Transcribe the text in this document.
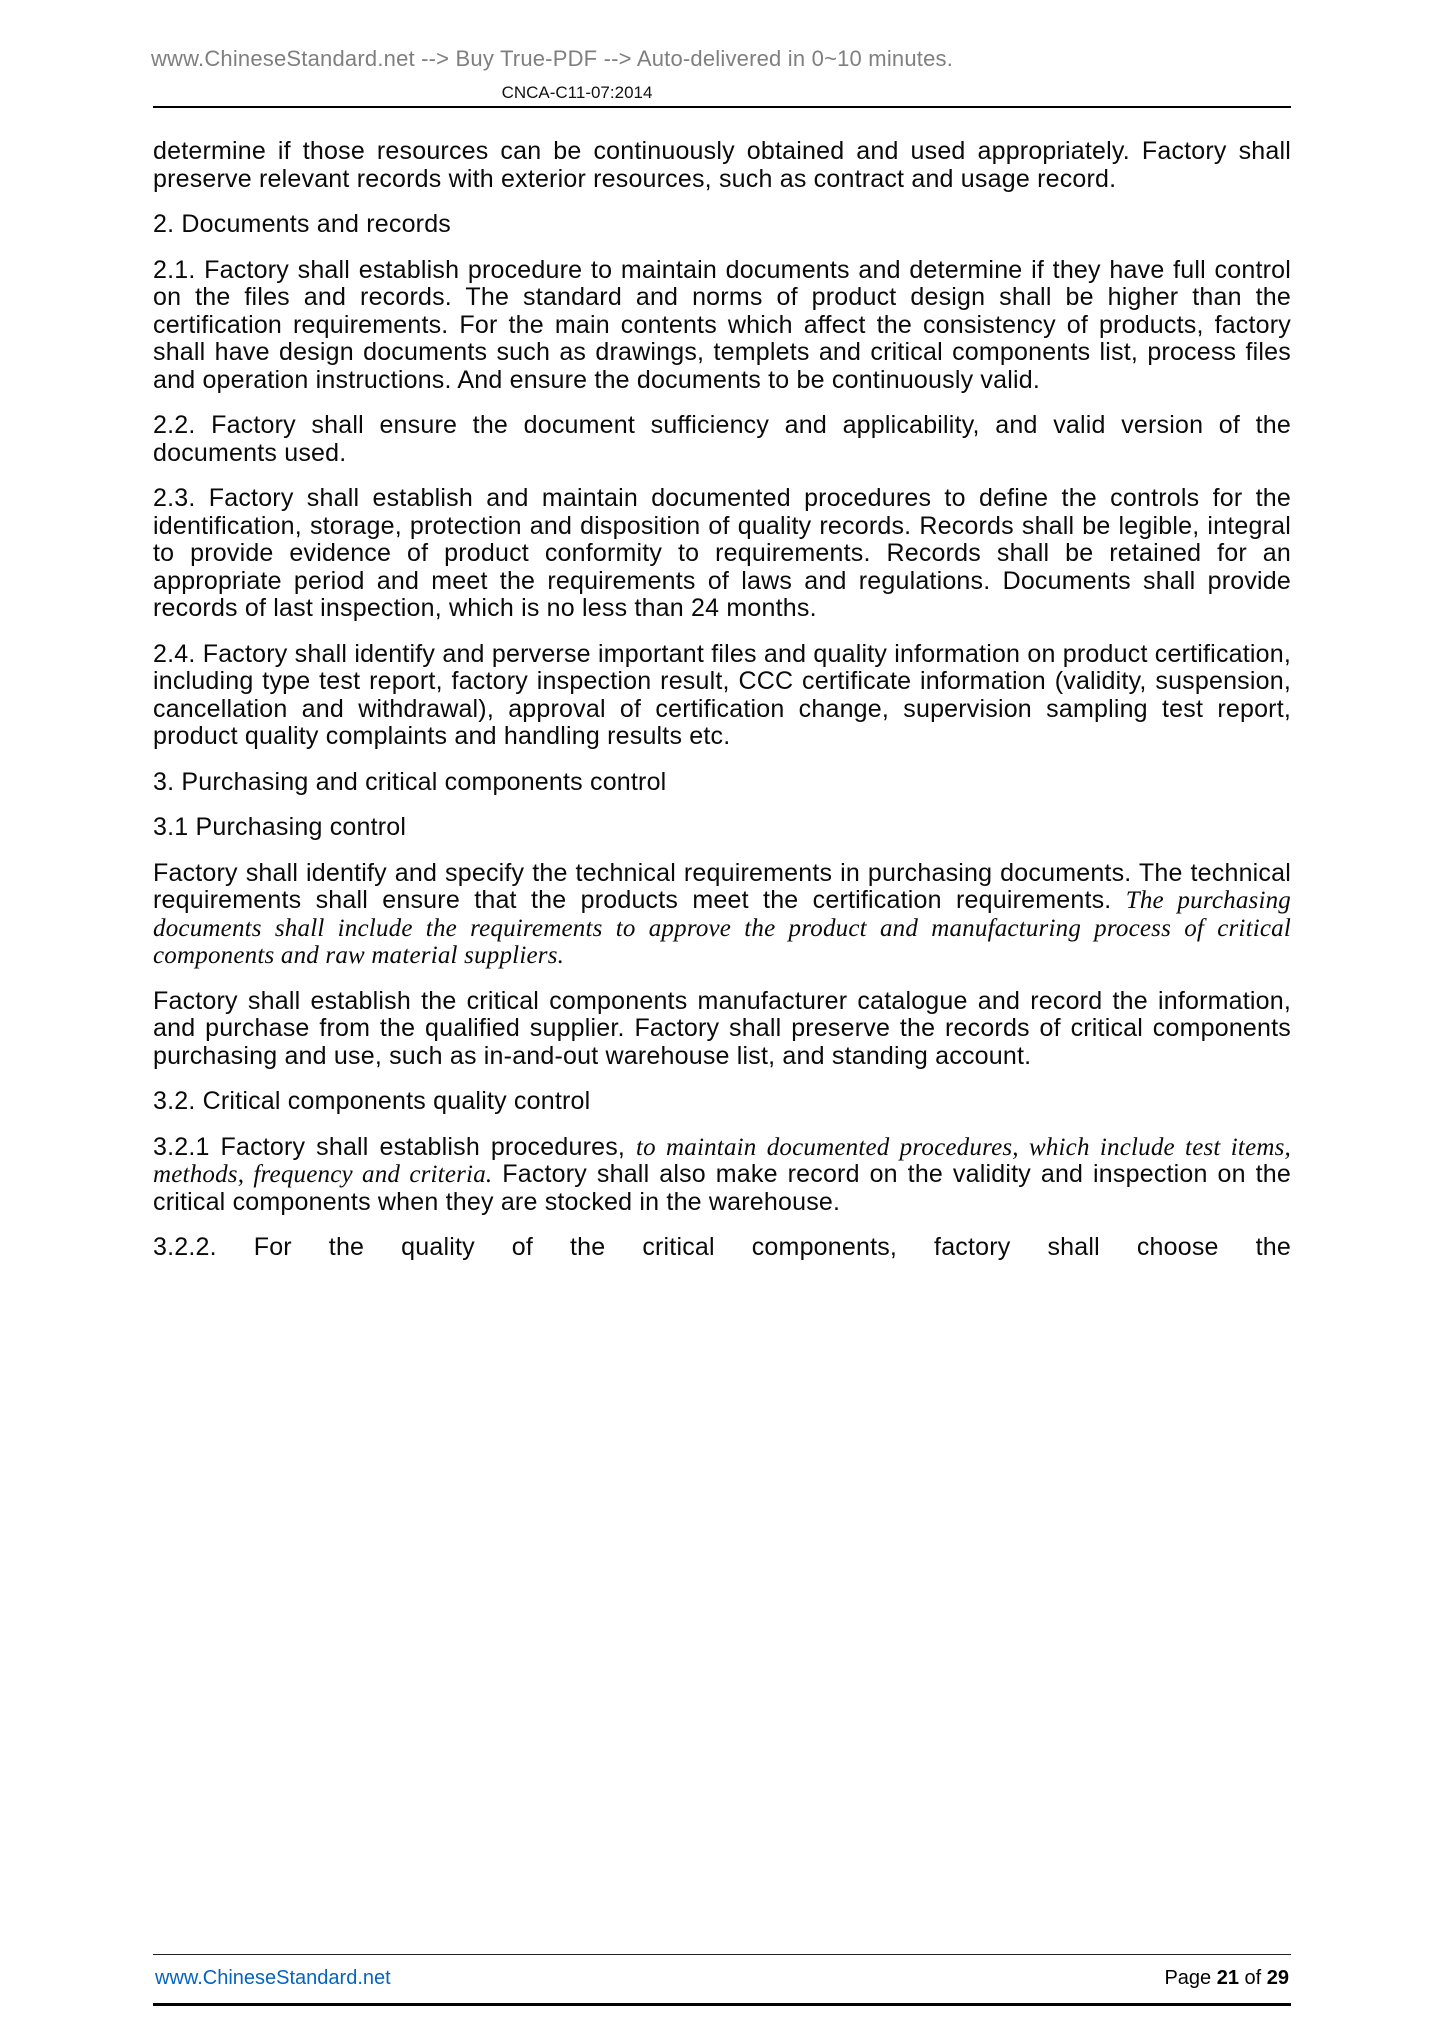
www.ChineseStandard.net --> Buy True-PDF --> Auto-delivered in 0~10 minutes.
CNCA-C11-07:2014

determine if those resources can be continuously obtained and used appropriately. Factory shall preserve relevant records with exterior resources, such as contract and usage record.

2. Documents and records

2.1. Factory shall establish procedure to maintain documents and determine if they have full control on the files and records. The standard and norms of product design shall be higher than the certification requirements. For the main contents which affect the consistency of products, factory shall have design documents such as drawings, templets and critical components list, process files and operation instructions. And ensure the documents to be continuously valid.

2.2. Factory shall ensure the document sufficiency and applicability, and valid version of the documents used.

2.3. Factory shall establish and maintain documented procedures to define the controls for the identification, storage, protection and disposition of quality records. Records shall be legible, integral to provide evidence of product conformity to requirements. Records shall be retained for an appropriate period and meet the requirements of laws and regulations. Documents shall provide records of last inspection, which is no less than 24 months.

2.4. Factory shall identify and perverse important files and quality information on product certification, including type test report, factory inspection result, CCC certificate information (validity, suspension, cancellation and withdrawal), approval of certification change, supervision sampling test report, product quality complaints and handling results etc.

3. Purchasing and critical components control

3.1 Purchasing control

Factory shall identify and specify the technical requirements in purchasing documents. The technical requirements shall ensure that the products meet the certification requirements. The purchasing documents shall include the requirements to approve the product and manufacturing process of critical components and raw material suppliers.

Factory shall establish the critical components manufacturer catalogue and record the information, and purchase from the qualified supplier. Factory shall preserve the records of critical components purchasing and use, such as in-and-out warehouse list, and standing account.

3.2. Critical components quality control

3.2.1 Factory shall establish procedures, to maintain documented procedures, which include test items, methods, frequency and criteria. Factory shall also make record on the validity and inspection on the critical components when they are stocked in the warehouse.

3.2.2. For the quality of the critical components, factory shall choose the

www.ChineseStandard.net	Page 21 of 29
